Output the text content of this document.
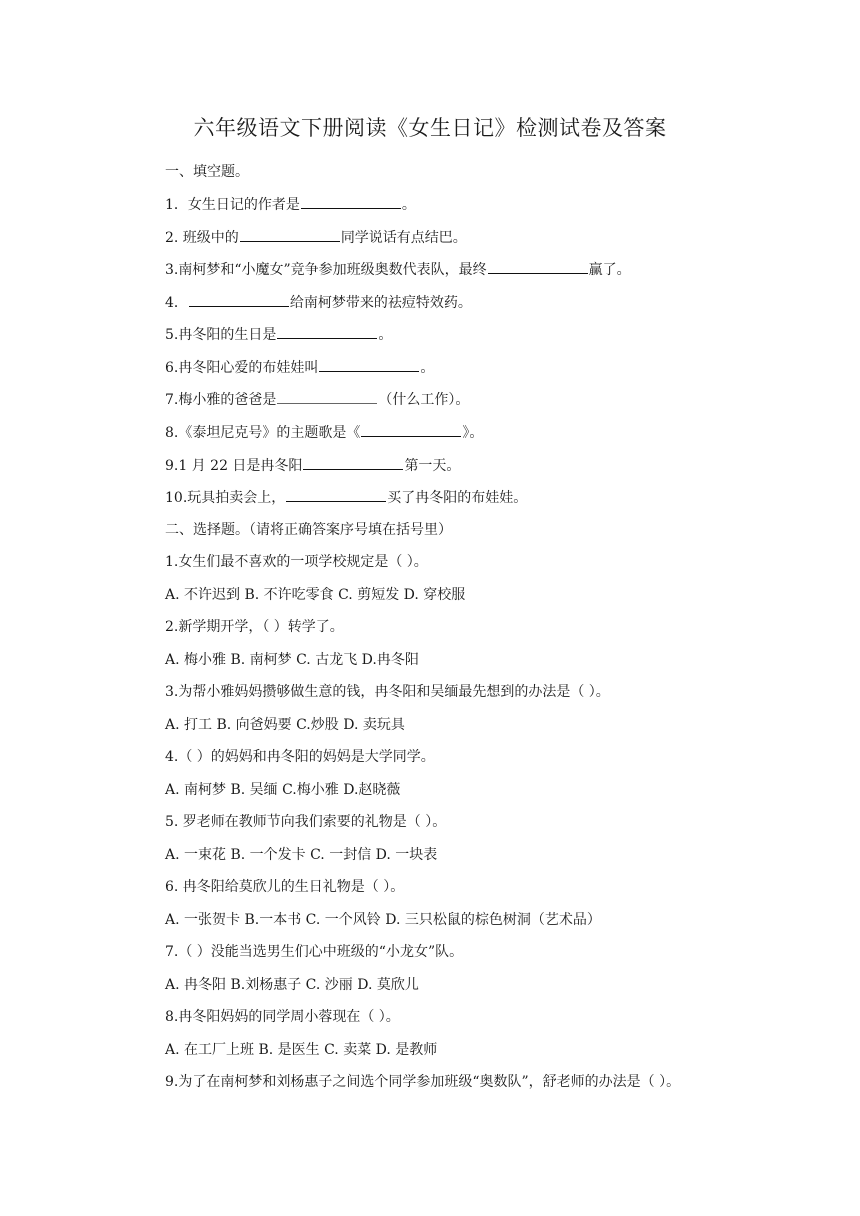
六年级语文下册阅读《女生日记》检测试卷及答案
一、填空题。
1．女生日记的作者是	。
2. 班级中的	同学说话有点结巴。
3.南柯梦和“小魔女”竞争参加班级奥数代表队，最终	赢了。
4．	给南柯梦带来的祛痘特效药。
5.冉冬阳的生日是	。
6.冉冬阳心爱的布娃娃叫	。
7.梅小雅的爸爸是	（什么工作）。
8.《泰坦尼克号》的主题歌是《	》。
9.1 月 22 日是冉冬阳	第一天。
10.玩具拍卖会上，	买了冉冬阳的布娃娃。
二、选择题。（请将正确答案序号填在括号里）
1.女生们最不喜欢的一项学校规定是（ ）。
A. 不许迟到 B. 不许吃零食 C. 剪短发 D. 穿校服
2.新学期开学，（ ）转学了。
A. 梅小雅 B. 南柯梦 C. 古龙飞 D.冉冬阳
3.为帮小雅妈妈攒够做生意的钱，冉冬阳和吴缅最先想到的办法是（ ）。
A. 打工 B. 向爸妈要 C.炒股 D. 卖玩具
4.（ ）的妈妈和冉冬阳的妈妈是大学同学。
A. 南柯梦 B. 吴缅 C.梅小雅 D.赵晓薇
5. 罗老师在教师节向我们索要的礼物是（ ）。
A. 一束花 B. 一个发卡 C. 一封信 D. 一块表
6. 冉冬阳给莫欣儿的生日礼物是（ ）。
A. 一张贺卡 B.一本书 C. 一个风铃 D. 三只松鼠的棕色树洞（艺术品）
7.（ ）没能当选男生们心中班级的“小龙女”队。
A. 冉冬阳 B.刘杨惠子 C. 沙丽 D. 莫欣儿
8.冉冬阳妈妈的同学周小蓉现在（ ）。
A. 在工厂上班 B. 是医生 C. 卖菜 D. 是教师
9.为了在南柯梦和刘杨惠子之间选个同学参加班级“奥数队”，舒老师的办法是（ ）。
